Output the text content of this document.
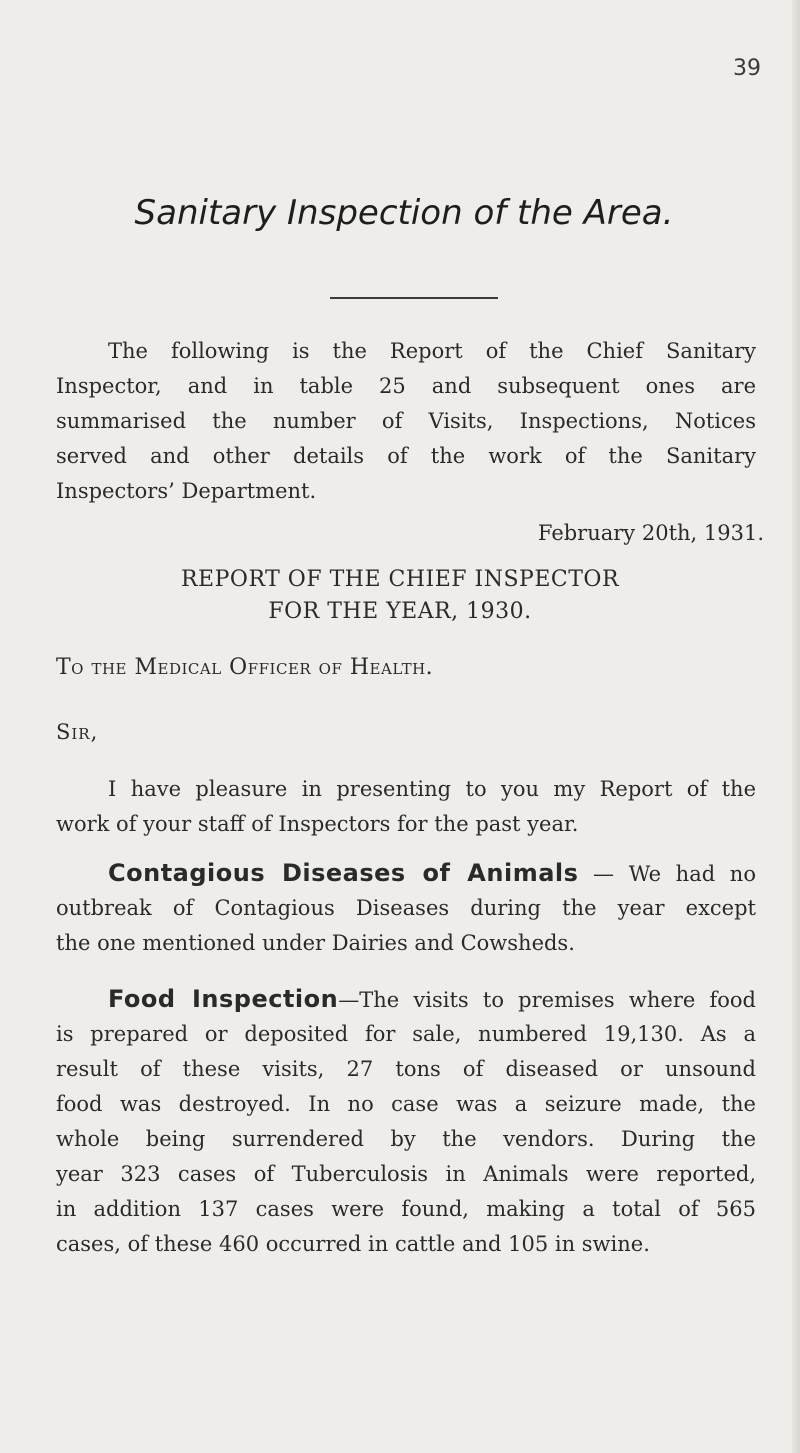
39
Sanitary Inspection of the Area.
The following is the Report of the Chief Sanitary
Inspector, and in table 25 and subsequent ones are
summarised the number of Visits, Inspections, Notices
served and other details of the work of the Sanitary
Inspectors’ Department.
February 20th, 1931.
REPORT OF THE CHIEF INSPECTOR
FOR THE YEAR, 1930.
To the Medical Officer of Health.
Sir,
I have pleasure in presenting to you my Report of the
work of your staff of Inspectors for the past year.
Contagious Diseases of Animals — We had no
outbreak of Contagious Diseases during the year except
the one mentioned under Dairies and Cowsheds.
Food Inspection—The visits to premises where food
is prepared or deposited for sale, numbered 19,130. As a
result of these visits, 27 tons of diseased or unsound
food was destroyed. In no case was a seizure made, the
whole being surrendered by the vendors. During the
year 323 cases of Tuberculosis in Animals were reported,
in addition 137 cases were found, making a total of 565
cases, of these 460 occurred in cattle and 105 in swine.
